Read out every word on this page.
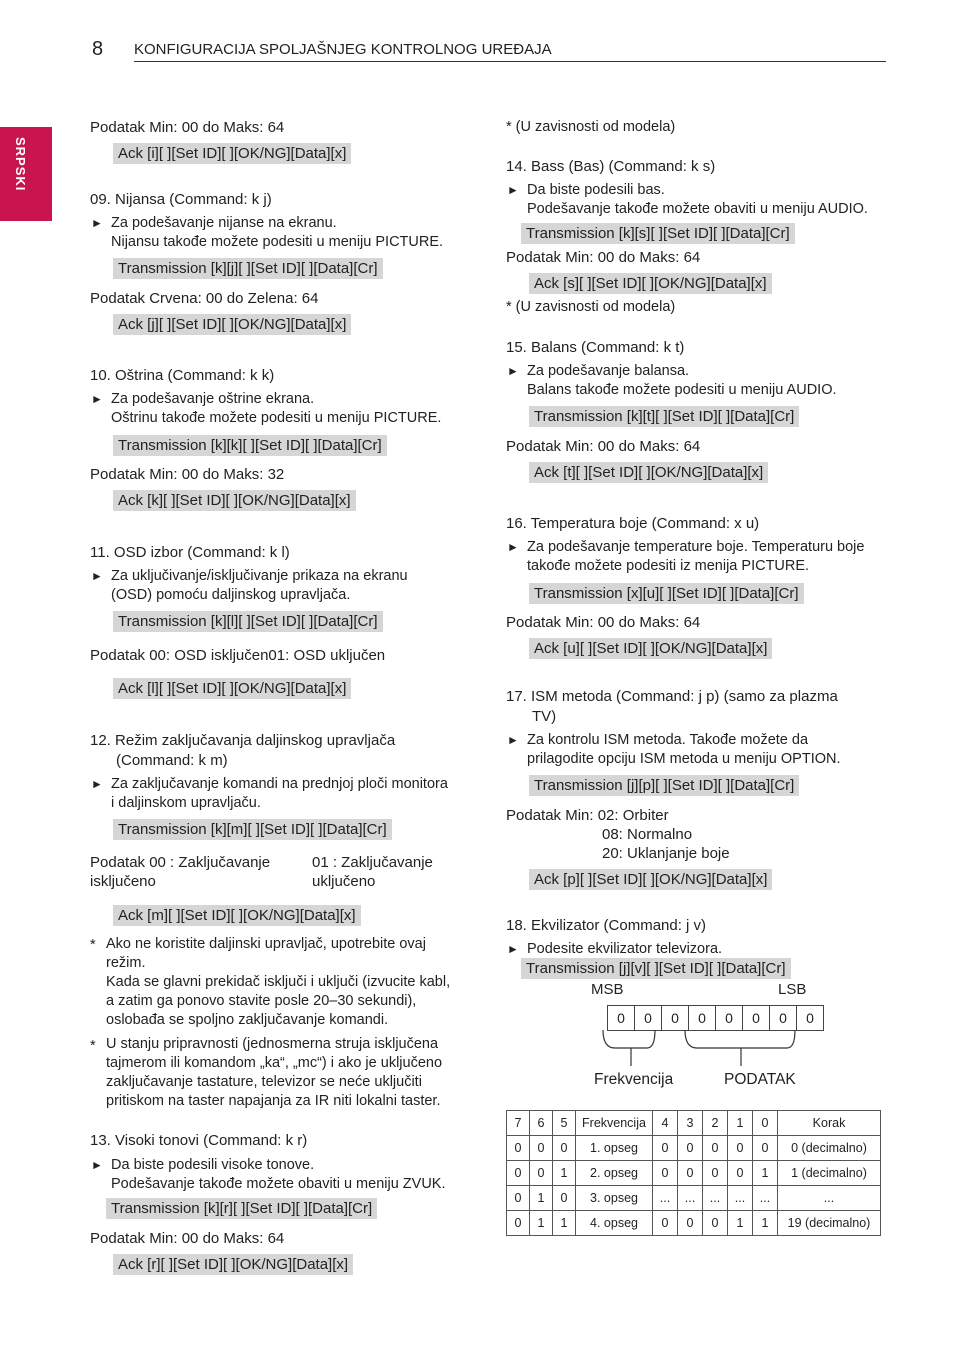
8 KONFIGURACIJA SPOLJAŠNJEG KONTROLNOG UREĐAJA
SRPSKI
Podatak Min: 00 do Maks: 64
Ack [i][ ][Set ID][ ][OK/NG][Data][x]
09. Nijansa (Command: k j)
► Za podešavanje nijanse na ekranu.
Nijansu takođe možete podesiti u meniju PICTURE.
Transmission [k][j][ ][Set ID][ ][Data][Cr]
Podatak Crvena: 00 do Zelena: 64
Ack [j][ ][Set ID][ ][OK/NG][Data][x]
10. Oštrina (Command: k k)
► Za podešavanje oštrine ekrana.
Oštrinu takođe možete podesiti u meniju PICTURE.
Transmission [k][k][ ][Set ID][ ][Data][Cr]
Podatak Min: 00 do Maks: 32
Ack [k][ ][Set ID][ ][OK/NG][Data][x]
11. OSD izbor (Command: k l)
► Za uključivanje/isključivanje prikaza na ekranu
(OSD) pomoću daljinskog upravljača.
Transmission [k][l][ ][Set ID][ ][Data][Cr]
Podatak 00: OSD isključen01: OSD uključen
Ack [l][ ][Set ID][ ][OK/NG][Data][x]
12. Režim zaključavanja daljinskog upravljača
(Command: k m)
► Za zaključavanje komandi na prednjoj ploči monitora
i daljinskom upravljaču.
Transmission [k][m][ ][Set ID][ ][Data][Cr]
Podatak 00 : Zaključavanje
isključeno
01 : Zaključavanje
uključeno
Ack [m][ ][Set ID][ ][OK/NG][Data][x]
* Ako ne koristite daljinski upravljač, upotrebite ovaj
režim.
Kada se glavni prekidač isključi i uključi (izvucite kabl,
a zatim ga ponovo stavite posle 20–30 sekundi),
oslobađa se spoljno zaključavanje komandi.
* U stanju pripravnosti (jednosmerna struja isključena
tajmerom ili komandom „ka“, „mc“) i ako je uključeno
zaključavanje tastature, televizor se neće uključiti
pritiskom na taster napajanja za IR niti lokalni taster.
13. Visoki tonovi (Command: k r)
► Da biste podesili visoke tonove.
Podešavanje takođe možete obaviti u meniju ZVUK.
Transmission [k][r][ ][Set ID][ ][Data][Cr]
Podatak Min: 00 do Maks: 64
Ack [r][ ][Set ID][ ][OK/NG][Data][x]
* (U zavisnosti od modela)
14. Bass (Bas) (Command: k s)
► Da biste podesili bas.
Podešavanje takođe možete obaviti u meniju AUDIO.
Transmission [k][s][ ][Set ID][ ][Data][Cr]
Podatak Min: 00 do Maks: 64
Ack [s][ ][Set ID][ ][OK/NG][Data][x]
* (U zavisnosti od modela)
15. Balans (Command: k t)
► Za podešavanje balansa.
Balans takođe možete podesiti u meniju AUDIO.
Transmission [k][t][ ][Set ID][ ][Data][Cr]
Podatak Min: 00 do Maks: 64
Ack [t][ ][Set ID][ ][OK/NG][Data][x]
16. Temperatura boje (Command: x u)
► Za podešavanje temperature boje. Temperaturu boje
takođe možete podesiti iz menija PICTURE.
Transmission [x][u][ ][Set ID][ ][Data][Cr]
Podatak Min: 00 do Maks: 64
Ack [u][ ][Set ID][ ][OK/NG][Data][x]
17. ISM metoda (Command: j p) (samo za plazma
TV)
► Za kontrolu ISM metoda. Takođe možete da
prilagodite opciju ISM metoda u meniju OPTION.
Transmission [j][p][ ][Set ID][ ][Data][Cr]
Podatak Min: 02: Orbiter
08: Normalno
20: Uklanjanje boje
Ack [p][ ][Set ID][ ][OK/NG][Data][x]
18. Ekvilizator (Command: j v)
► Podesite ekvilizator televizora.
Transmission [j][v][ ][Set ID][ ][Data][Cr]
MSB	LSB
0	0	0	0	0	0	0	0
Frekvencija	PODATAK
7	6	5	Frekvencija	4	3	2	1	0	Korak
0	0	0	1. opseg	0	0	0	0	0	0 (decimalno)
0	0	1	2. opseg	0	0	0	0	1	1 (decimalno)
0	1	0	3. opseg	...	...	...	...	...	...
0	1	1	4. opseg	0	0	0	1	1	19 (decimalno)
